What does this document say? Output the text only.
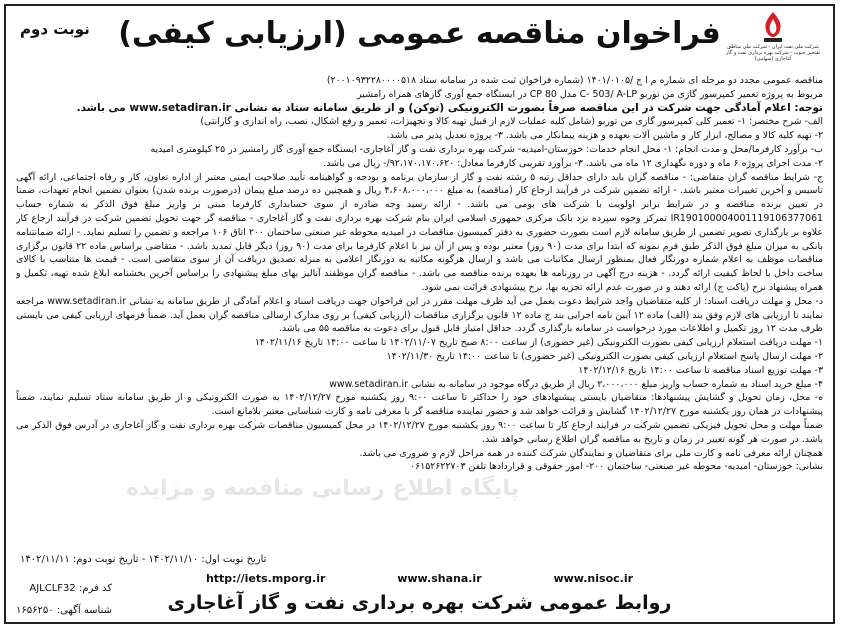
نوبت دوم فراخوان مناقصه عمومی (ارزیابی کیفی)	شرکت ملی نفت ایران - شرکت ملی مناطق نفتخیز جنوب - شرکت بهره برداری نفت و گاز آغاجاری (سهامی)

مناقصه عمومی مجدد دو مرحله ای شماره م ا ج /۱۴۰۱/۰۱۰۵ (شماره فراخوان ثبت شده در سامانه ستاد ۲۰۰۱۰۹۳۲۲۸۰۰۰۰۵۱۸)

مربوط به پروژه تعمیر کمپرسور گازی من توربو C- 503/ A-LP مدل CP 80 در ایستگاه جمع آوری گازهای همراه رامشیر

توجه: اعلام آمادگی جهت شرکت در این مناقصه صرفاً بصورت الکترونیکی (توکن) و از طریق سامانه ستاد به نشانی www.setadiran.ir می باشد.

الف- شرح مختصر: ۱- تعمیر کلی کمپرسور گازی من توربو (شامل کلیه عملیات لازم از قبیل تهیه کالا و تجهیزات، تعمیر و رفع اشکال، نصب، راه اندازی و گارانتی)

۲- تهیه کلیه کالا و مصالح، ابزار کار و ماشین آلات بعهده و هزینه پیمانکار می باشد. ۳- پروژه تعدیل پذیر می باشد.

ب- برآورد کارفرما/محل و مدت انجام: ۱- محل انجام خدمات: خوزستان-امیدیه- شرکت بهره برداری نفت و گاز آغاجاری- ایستگاه جمع آوری گاز رامشیر در ۲۵ کیلومتری امیدیه

۲- مدت اجرای پروژه ۶ ماه و دوره نگهداری ۱۲ ماه می باشد. ۳- برآورد تقریبی کارفرما معادل: ۹۲،۱۷۰،۱۷۰،۶۲۰/- ریال می باشد.

ج- شرایط مناقصه گران متقاضی: - مناقصه گران باید دارای حداقل رتبه ۵ رشته نفت و گاز از سازمان برنامه و بودجه و گواهینامه تأیید صلاحیت ایمنی معتبر از اداره تعاون، کار و رفاه اجتماعی، ارائه آگهی تاسیس و آخرین تغییرات معتبر باشد. - ارائه تضمین شرکت در فرآیند ارجاع کار (مناقصه) به مبلغ ۴،۶۰۸،۰۰۰،۰۰۰ ریال و همچنین ده درصد مبلغ پیمان (درصورت برنده شدن) بعنوان تضمین انجام تعهدات، ضمنا در تعیین برنده مناقصه و در شرایط برابر اولویت با شرکت های بومی می باشد. - ارائه رسید وجه صادره از سوی حسابداری کارفرما مبنی بر واریز مبلغ فوق الذکر به شماره حساب IR190100004001119106377061 تمرکز وجوه سپرده نزد بانک مرکزی جمهوری اسلامی ایران بنام شرکت بهره برداری نفت و گاز آغاجاری - مناقصه گر جهت تحویل تضمین شرکت در فرآیند ارجاع کار علاوه بر بارگذاری تصویر تضمین از طریق سامانه لازم است بصورت حضوری به دفتر کمیسیون مناقصات در امیدیه محوطه غیر صنعتی ساختمان ۲۰۰ اتاق ۱۰۶ مراجعه و تضمین را تسلیم نماید. - ارائه ضمانتنامه بانکی به میزان مبلغ فوق الذکر طبق فرم نمونه که ابتدا برای مدت (۹۰ روز) معتبر بوده و پس از آن نیز با اعلام کارفرما برای مدت (۹۰ روز) دیگر قابل تمدید باشد. - متقاضی براساس ماده ۲۲ قانون برگزاری مناقصات موظف به اعلام شماره دورنگار فعال بمنظور ارسال مکاتبات می باشد و ارسال هرگونه مکاتبه به دورنگار اعلامی به منزله تصدیق دریافت آن از سوی متقاضی است. - قیمت ها متناسب با کالای ساخت داخل با لحاظ کیفیت ارائه گردد. - هزینه درج آگهی در روزنامه ها بعهده برنده مناقصه می باشد. - مناقصه گران موظفند آنالیز بهای مبلغ پیشنهادی را براساس آخرین بخشنامه ابلاغ شده تهیه، تکمیل و همراه پیشنهاد نرخ (پاکت ج) ارائه دهند و در صورت عدم ارائه تجزیه بها، نرخ پیشنهادی قرائت نمی شود.

د- محل و مهلت دریافت اسناد: از کلیه متقاضیان واجد شرایط دعوت بعمل می آید ظرف مهلت مقرر در این فراخوان جهت دریافت اسناد و اعلام آمادگی از طریق سامانه به نشانی www.setadiran.ir مراجعه نمایند تا ارزیابی های لازم وفق بند (الف) ماده ۱۲ آیین نامه اجرایی بند ج ماده ۱۲ قانون برگزاری مناقصات (ارزیابی کیفی) بر روی مدارک ارسالی مناقصه گران بعمل آید. ضمناً فرمهای ارزیابی کیفی می بایستی ظرف مدت ۱۲ روز تکمیل و اطلاعات مورد درخواست در سامانه بارگذاری گردد. حداقل امتیاز قابل قبول برای دعوت به مناقصه ۵۵ می باشد.

۱- مهلت دریافت استعلام ارزیابی کیفی بصورت الکترونیکی (غیر حضوری) از ساعت ۸:۰۰ صبح تاریخ ۱۴۰۲/۱۱/۰۷ تا ساعت ۱۴:۰۰ تاریخ ۱۴۰۲/۱۱/۱۶

۲- مهلت ارسال پاسخ استعلام ارزیابی کیفی بصورت الکترونیکی (غیر حضوری) تا ساعت ۱۴:۰۰ تاریخ ۱۴۰۲/۱۱/۳۰

۳- مهلت توزیع اسناد مناقصه تا ساعت ۱۴:۰۰ تاریخ ۱۴۰۲/۱۲/۱۶

۴- مبلغ خرید اسناد به شماره حساب واریز مبلغ ۲،۰۰۰،۰۰۰ ریال از طریق درگاه موجود در سامانه به نشانی www.setadiran.ir

ه- محل، زمان تحویل و گشایش پیشنهادها: متقاضیان بایستی پیشنهادهای خود را حداکثر تا ساعت ۹:۰۰ روز یکشنبه مورخ ۱۴۰۲/۱۲/۲۷ به صورت الکترونیکی و از طریق سامانه ستاد تسلیم نمایند، ضمناً پیشنهادات در همان روز یکشنبه مورخ ۱۴۰۲/۱۲/۲۷ گشایش و قرائت خواهد شد و حضور نماینده مناقصه گر با معرفی نامه و کارت شناسایی معتبر بلامانع است.

ضمناً مهلت و محل تحویل فیزیکی تضمین شرکت در فرایند ارجاع کار تا ساعت ۹:۰۰ روز یکشنبه مورخ ۱۴۰۲/۱۲/۲۷ در محل کمیسیون مناقصات شرکت بهره برداری نفت و گاز آغاجاری در آدرس فوق الذکر می باشد. در صورت هر گونه تغییر در زمان و تاریخ به مناقصه گران اطلاع رسانی خواهد شد.

همچنان ارائه معرفی نامه و کارت ملی برای متقاضیان و نمایندگان شرکت کننده در همه مراحل لازم و ضروری می باشد.

نشانی: خوزستان- امیدیه- محوطه غیر صنعتی- ساختمان ۲۰۰- امور حقوقی و قراردادها تلفن ۰۶۱۵۲۶۲۲۷۰۳

پایگاه اطلاع رسانی مناقصه و مزایده
تاریخ نوبت اول: ۱۴۰۲/۱۱/۱۰ - تاریخ نوبت دوم: ۱۴۰۲/۱۱/۱۱
http://iets.mporg.ir	www.shana.ir	www.nisoc.ir
کد فرم: AJLCLF32
شناسه آگهی: ۱۶۵۶۲۵۰	روابط عمومی شرکت بهره برداری نفت و گاز آغاجاری
